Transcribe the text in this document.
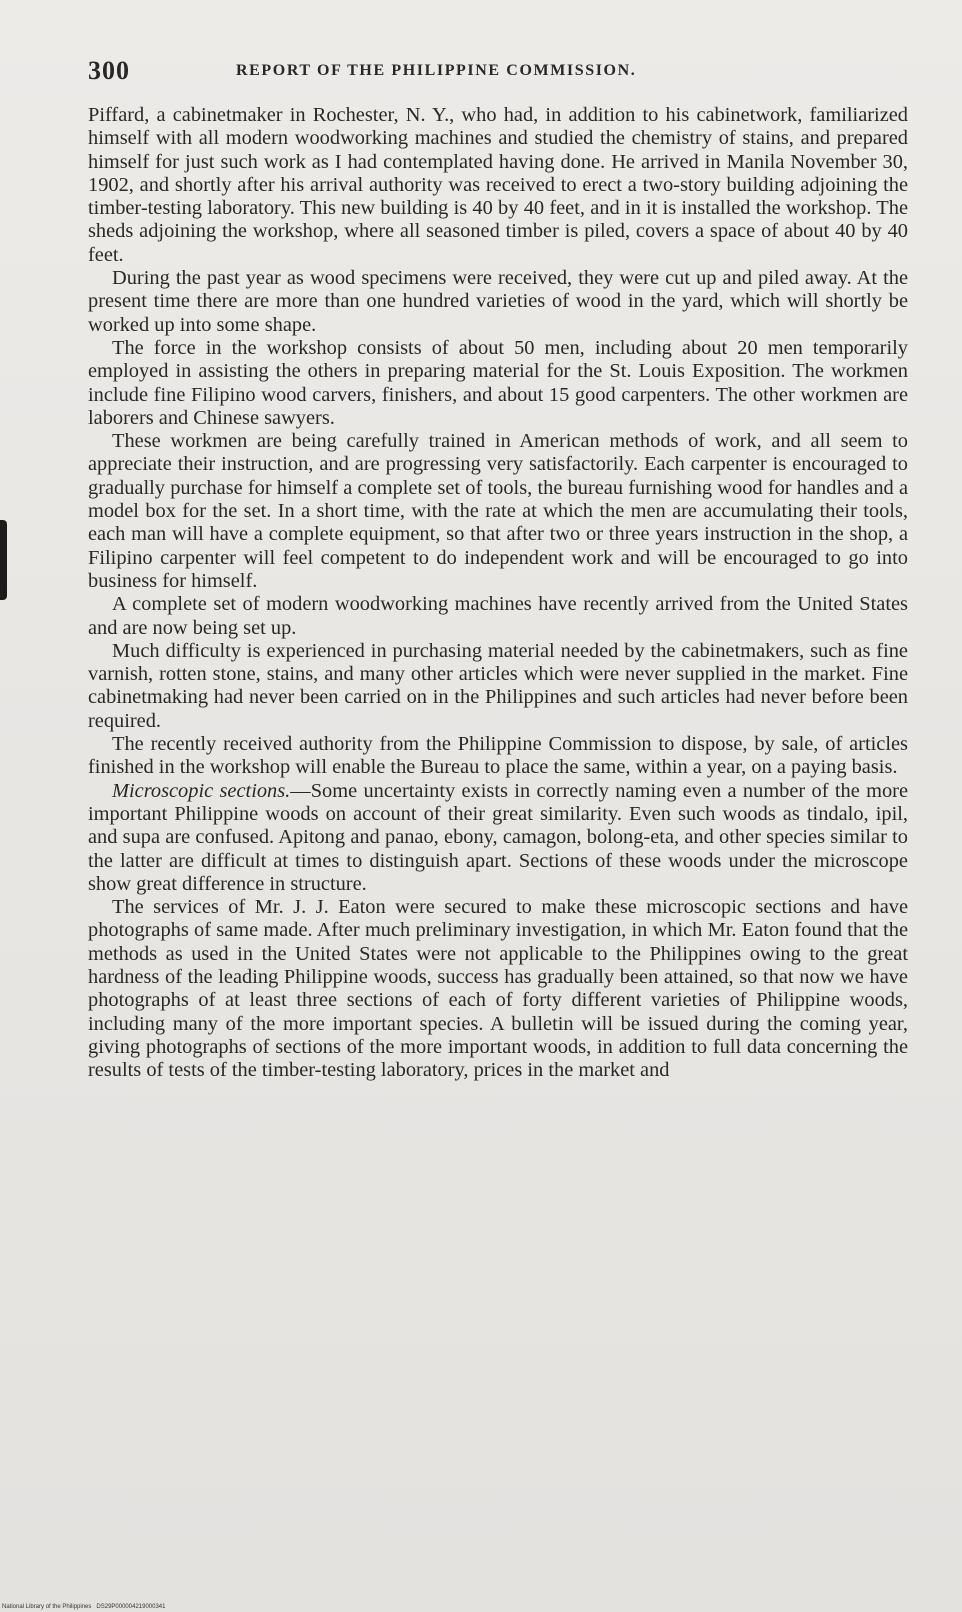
300	REPORT OF THE PHILIPPINE COMMISSION.

Piffard, a cabinetmaker in Rochester, N. Y., who had, in addition to his cabinetwork, familiarized himself with all modern woodworking machines and studied the chemistry of stains, and prepared himself for just such work as I had contemplated having done. He arrived in Manila November 30, 1902, and shortly after his arrival authority was received to erect a two-story building adjoining the timber-testing laboratory. This new building is 40 by 40 feet, and in it is installed the workshop. The sheds adjoining the workshop, where all seasoned timber is piled, covers a space of about 40 by 40 feet.

During the past year as wood specimens were received, they were cut up and piled away. At the present time there are more than one hundred varieties of wood in the yard, which will shortly be worked up into some shape.

The force in the workshop consists of about 50 men, including about 20 men temporarily employed in assisting the others in preparing material for the St. Louis Exposition. The workmen include fine Filipino wood carvers, finishers, and about 15 good carpenters. The other workmen are laborers and Chinese sawyers.

These workmen are being carefully trained in American methods of work, and all seem to appreciate their instruction, and are progressing very satisfactorily. Each carpenter is encouraged to gradually purchase for himself a complete set of tools, the bureau furnishing wood for handles and a model box for the set. In a short time, with the rate at which the men are accumulating their tools, each man will have a complete equipment, so that after two or three years instruction in the shop, a Filipino carpenter will feel competent to do independent work and will be encouraged to go into business for himself.

A complete set of modern woodworking machines have recently arrived from the United States and are now being set up.

Much difficulty is experienced in purchasing material needed by the cabinetmakers, such as fine varnish, rotten stone, stains, and many other articles which were never supplied in the market. Fine cabinetmaking had never been carried on in the Philippines and such articles had never before been required.

The recently received authority from the Philippine Commission to dispose, by sale, of articles finished in the workshop will enable the Bureau to place the same, within a year, on a paying basis.

Microscopic sections.—Some uncertainty exists in correctly naming even a number of the more important Philippine woods on account of their great similarity. Even such woods as tindalo, ipil, and supa are confused. Apitong and panao, ebony, camagon, bolong-eta, and other species similar to the latter are difficult at times to distinguish apart. Sections of these woods under the microscope show great difference in structure.

The services of Mr. J. J. Eaton were secured to make these microscopic sections and have photographs of same made. After much preliminary investigation, in which Mr. Eaton found that the methods as used in the United States were not applicable to the Philippines owing to the great hardness of the leading Philippine woods, success has gradually been attained, so that now we have photographs of at least three sections of each of forty different varieties of Philippine woods, including many of the more important species. A bulletin will be issued during the coming year, giving photographs of sections of the more important woods, in addition to full data concerning the results of tests of the timber-testing laboratory, prices in the market and

National Library of the Philippines DS29P000004219000341
